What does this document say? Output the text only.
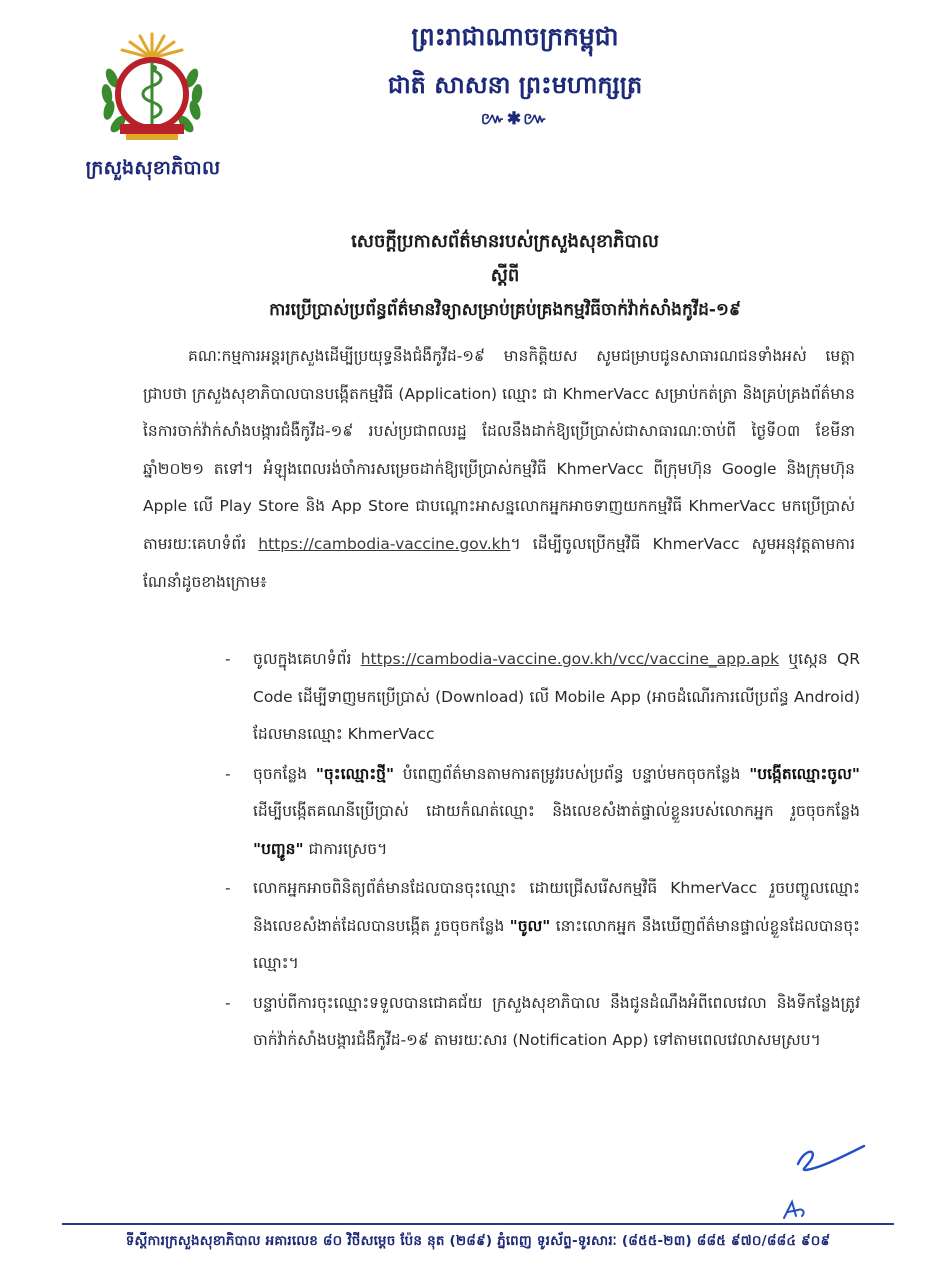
ក្រសួងសុខាភិបាល
ព្រះរាជាណាចក្រកម្ពុជា
ជាតិ សាសនា ព្រះមហាក្សត្រ
៚✱៚
សេចក្តីប្រកាសព័ត៌មានរបស់ក្រសួងសុខាភិបាល
ស្តីពី
ការប្រើប្រាស់ប្រព័ន្ធព័ត៌មានវិទ្យាសម្រាប់គ្រប់គ្រងកម្មវិធីចាក់វ៉ាក់សាំងកូវីដ-១៩
គណៈកម្មការអន្តរក្រសួងដើម្បីប្រយុទ្ធនឹងជំងឺកូវីដ-១៩ មានកិត្តិយស សូមជម្រាបជូនសាធារណជនទាំងអស់ មេត្តាជ្រាបថា ក្រសួងសុខាភិបាលបានបង្កើតកម្មវិធី (Application) ឈ្មោះ ជា KhmerVacc សម្រាប់កត់ត្រា និងគ្រប់គ្រងព័ត៌មាននៃការចាក់វ៉ាក់សាំងបង្ការជំងឺកូវីដ-១៩ របស់ប្រជាពលរដ្ឋ ដែលនឹងដាក់ឱ្យប្រើប្រាស់ជាសាធារណៈចាប់ពី ថ្ងៃទី០៣ ខែមីនា ឆ្នាំ២០២១ តទៅ។ អំឡុងពេលរង់ចាំការសម្រេចដាក់ឱ្យប្រើប្រាស់កម្មវិធី KhmerVacc ពីក្រុមហ៊ុន Google និងក្រុមហ៊ុន Apple លើ Play Store និង App Store ជាបណ្តោះអាសន្នលោកអ្នកអាចទាញយកកម្មវិធី KhmerVacc មកប្រើប្រាស់តាមរយៈគេហទំព័រ https://cambodia-vaccine.gov.kh។ ដើម្បីចូលប្រើកម្មវិធី KhmerVacc សូមអនុវត្តតាមការណែនាំដូចខាងក្រោម៖
- ចូលក្នុងគេហទំព័រ https://cambodia-vaccine.gov.kh/vcc/vaccine_app.apk ឬស្កេន QR Code ដើម្បីទាញមកប្រើប្រាស់ (Download) លើ Mobile App (អាចដំណើរការលើប្រព័ន្ធ Android) ដែលមានឈ្មោះ KhmerVacc
- ចុចកន្លែង "ចុះឈ្មោះថ្មី" បំពេញព័ត៌មានតាមការតម្រូវរបស់ប្រព័ន្ធ បន្ទាប់មកចុចកន្លែង "បង្កើតឈ្មោះចូល" ដើម្បីបង្កើតគណនីប្រើប្រាស់ ដោយកំណត់ឈ្មោះ និងលេខសំងាត់ផ្ទាល់ខ្លួនរបស់លោកអ្នក រួចចុចកន្លែង "បញ្ជូន" ជាការស្រេច។
- លោកអ្នកអាចពិនិត្យព័ត៌មានដែលបានចុះឈ្មោះ ដោយជ្រើសរើសកម្មវិធី KhmerVacc រួចបញ្ចូលឈ្មោះ និងលេខសំងាត់ដែលបានបង្កើត រួចចុចកន្លែង "ចូល" នោះលោកអ្នក នឹងឃើញព័ត៌មានផ្ទាល់ខ្លួនដែលបានចុះឈ្មោះ។
- បន្ទាប់ពីការចុះឈ្មោះទទួលបានជោគជ័យ ក្រសួងសុខាភិបាល នឹងជូនដំណឹងអំពីពេលវេលា និងទីកន្លែងត្រូវចាក់វ៉ាក់សាំងបង្ការជំងឺកូវីដ-១៩ តាមរយៈសារ (Notification App) ទៅតាមពេលវេលាសមស្រប។
ទីស្តីការក្រសួងសុខាភិបាល អគារលេខ ៨០ វិថីសម្តេច ប៉ែន នុត (២៨៩) ភ្នំពេញ ទូរស័ព្ទ-ទូរសារៈ (៨៥៥-២៣) ៨៨៥ ៩៧០/៨៨៤ ៩០៩
